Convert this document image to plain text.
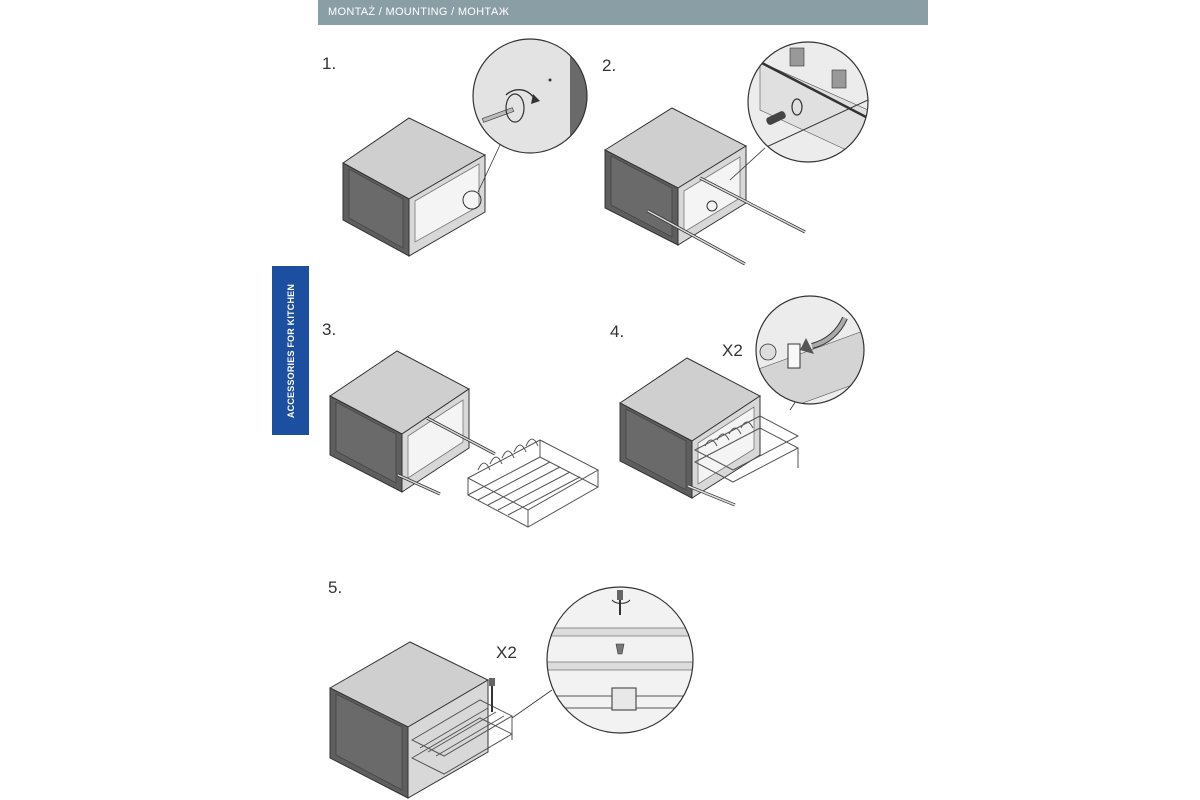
MONTAŻ / MOUNTING / МОНТАЖ
ACCESSORIES FOR KITCHEN
1.	2.
3.	4.
X2
5.
X2
